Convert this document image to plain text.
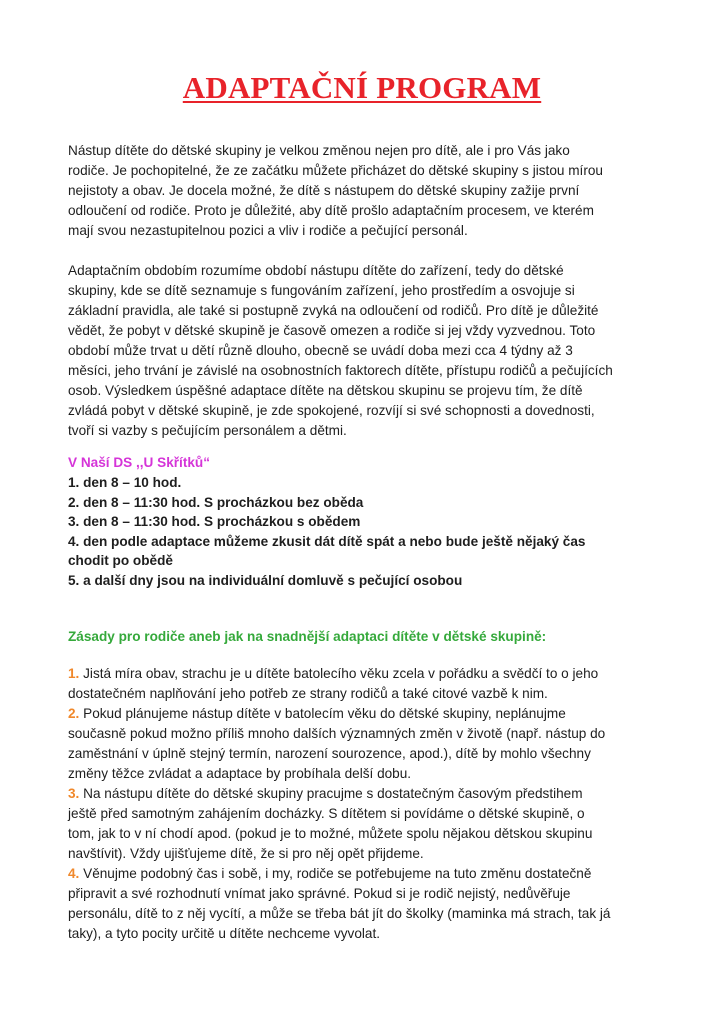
ADAPTAČNÍ PROGRAM
Nástup dítěte do dětské skupiny je velkou změnou nejen pro dítě, ale i pro Vás jako
rodiče. Je pochopitelné, že ze začátku můžete přicházet do dětské skupiny s jistou mírou
nejistoty a obav. Je docela možné, že dítě s nástupem do dětské skupiny zažije první
odloučení od rodiče. Proto je důležité, aby dítě prošlo adaptačním procesem, ve kterém
mají svou nezastupitelnou pozici a vliv i rodiče a pečující personál.
Adaptačním obdobím rozumíme období nástupu dítěte do zařízení, tedy do dětské
skupiny, kde se dítě seznamuje s fungováním zařízení, jeho prostředím a osvojuje si
základní pravidla, ale také si postupně zvyká na odloučení od rodičů. Pro dítě je důležité
vědět, že pobyt v dětské skupině je časově omezen a rodiče si jej vždy vyzvednou. Toto
období může trvat u dětí různě dlouho, obecně se uvádí doba mezi cca 4 týdny až 3
měsíci, jeho trvání je závislé na osobnostních faktorech dítěte, přístupu rodičů a pečujících
osob. Výsledkem úspěšné adaptace dítěte na dětskou skupinu se projevu tím, že dítě
zvládá pobyt v dětské skupině, je zde spokojené, rozvíjí si své schopnosti a dovednosti,
tvoří si vazby s pečujícím personálem a dětmi.
V Naší DS ,,U Skřítků“
1. den 8 – 10 hod.
2. den 8 – 11:30 hod. S procházkou bez oběda
3. den 8 – 11:30 hod. S procházkou s obědem
4. den podle adaptace můžeme zkusit dát dítě spát a nebo bude ještě nějaký čas
chodit po obědě
5. a další dny jsou na individuální domluvě s pečující osobou
Zásady pro rodiče aneb jak na snadnější adaptaci dítěte v dětské skupině:
1. Jistá míra obav, strachu je u dítěte batolecího věku zcela v pořádku a svědčí to o jeho
dostatečném naplňování jeho potřeb ze strany rodičů a také citové vazbě k nim.
2. Pokud plánujeme nástup dítěte v batolecím věku do dětské skupiny, neplánujme
současně pokud možno příliš mnoho dalších významných změn v životě (např. nástup do
zaměstnání v úplně stejný termín, narození sourozence, apod.), dítě by mohlo všechny
změny těžce zvládat a adaptace by probíhala delší dobu.
3. Na nástupu dítěte do dětské skupiny pracujme s dostatečným časovým předstihem
ještě před samotným zahájením docházky. S dítětem si povídáme o dětské skupině, o
tom, jak to v ní chodí apod. (pokud je to možné, můžete spolu nějakou dětskou skupinu
navštívit). Vždy ujišťujeme dítě, že si pro něj opět přijdeme.
4. Věnujme podobný čas i sobě, i my, rodiče se potřebujeme na tuto změnu dostatečně
připravit a své rozhodnutí vnímat jako správné. Pokud si je rodič nejistý, nedůvěřuje
personálu, dítě to z něj vycítí, a může se třeba bát jít do školky (maminka má strach, tak já
taky), a tyto pocity určitě u dítěte nechceme vyvolat.
